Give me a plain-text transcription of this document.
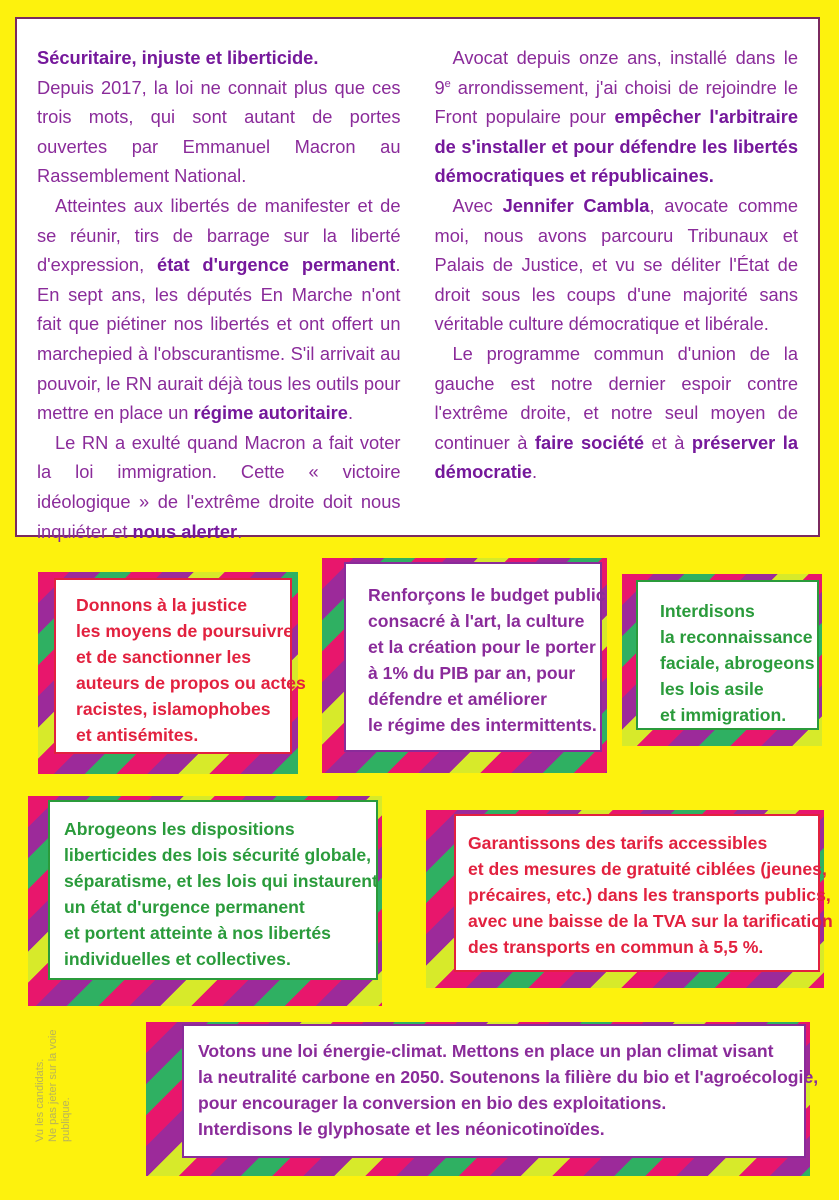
Sécuritaire, injuste et liberticide.

Depuis 2017, la loi ne connait plus que ces trois mots, qui sont autant de portes ouvertes par Emmanuel Macron au Rassemblement National.

Atteintes aux libertés de manifester et de se réunir, tirs de barrage sur la liberté d'expression, état d'urgence permanent. En sept ans, les députés En Marche n'ont fait que piétiner nos libertés et ont offert un marchepied à l'obscurantisme. S'il arrivait au pouvoir, le RN aurait déjà tous les outils pour mettre en place un régime autoritaire.

Le RN a exulté quand Macron a fait voter la loi immigration. Cette « victoire idéologique » de l'extrême droite doit nous inquiéter et nous alerter.

Avocat depuis onze ans, installé dans le 9e arrondissement, j'ai choisi de rejoindre le Front populaire pour empêcher l'arbitraire de s'installer et pour défendre les libertés démocratiques et républicaines.

Avec Jennifer Cambla, avocate comme moi, nous avons parcouru Tribunaux et Palais de Justice, et vu se déliter l'État de droit sous les coups d'une majorité sans véritable culture démocratique et libérale.

Le programme commun d'union de la gauche est notre dernier espoir contre l'extrême droite, et notre seul moyen de continuer à faire société et à préserver la démocratie.

Donnons à la justice
les moyens de poursuivre
et de sanctionner les
auteurs de propos ou actes
racistes, islamophobes
et antisémites.
Renforçons le budget public
consacré à l'art, la culture
et la création pour le porter
à 1% du PIB par an, pour
défendre et améliorer
le régime des intermittents.
Interdisons
la reconnaissance
faciale, abrogeons
les lois asile
et immigration.
Abrogeons les dispositions
liberticides des lois sécurité globale,
séparatisme, et les lois qui instaurent
un état d'urgence permanent
et portent atteinte à nos libertés
individuelles et collectives.
Garantissons des tarifs accessibles
et des mesures de gratuité ciblées (jeunes,
précaires, etc.) dans les transports publics,
avec une baisse de la TVA sur la tarification
des transports en commun à 5,5 %.
Votons une loi énergie-climat. Mettons en place un plan climat visant
la neutralité carbone en 2050. Soutenons la filière du bio et l'agroécologie,
pour encourager la conversion en bio des exploitations.
Interdisons le glyphosate et les néonicotinoïdes.
Vu les candidats. Ne pas jeter sur la voie publique.
